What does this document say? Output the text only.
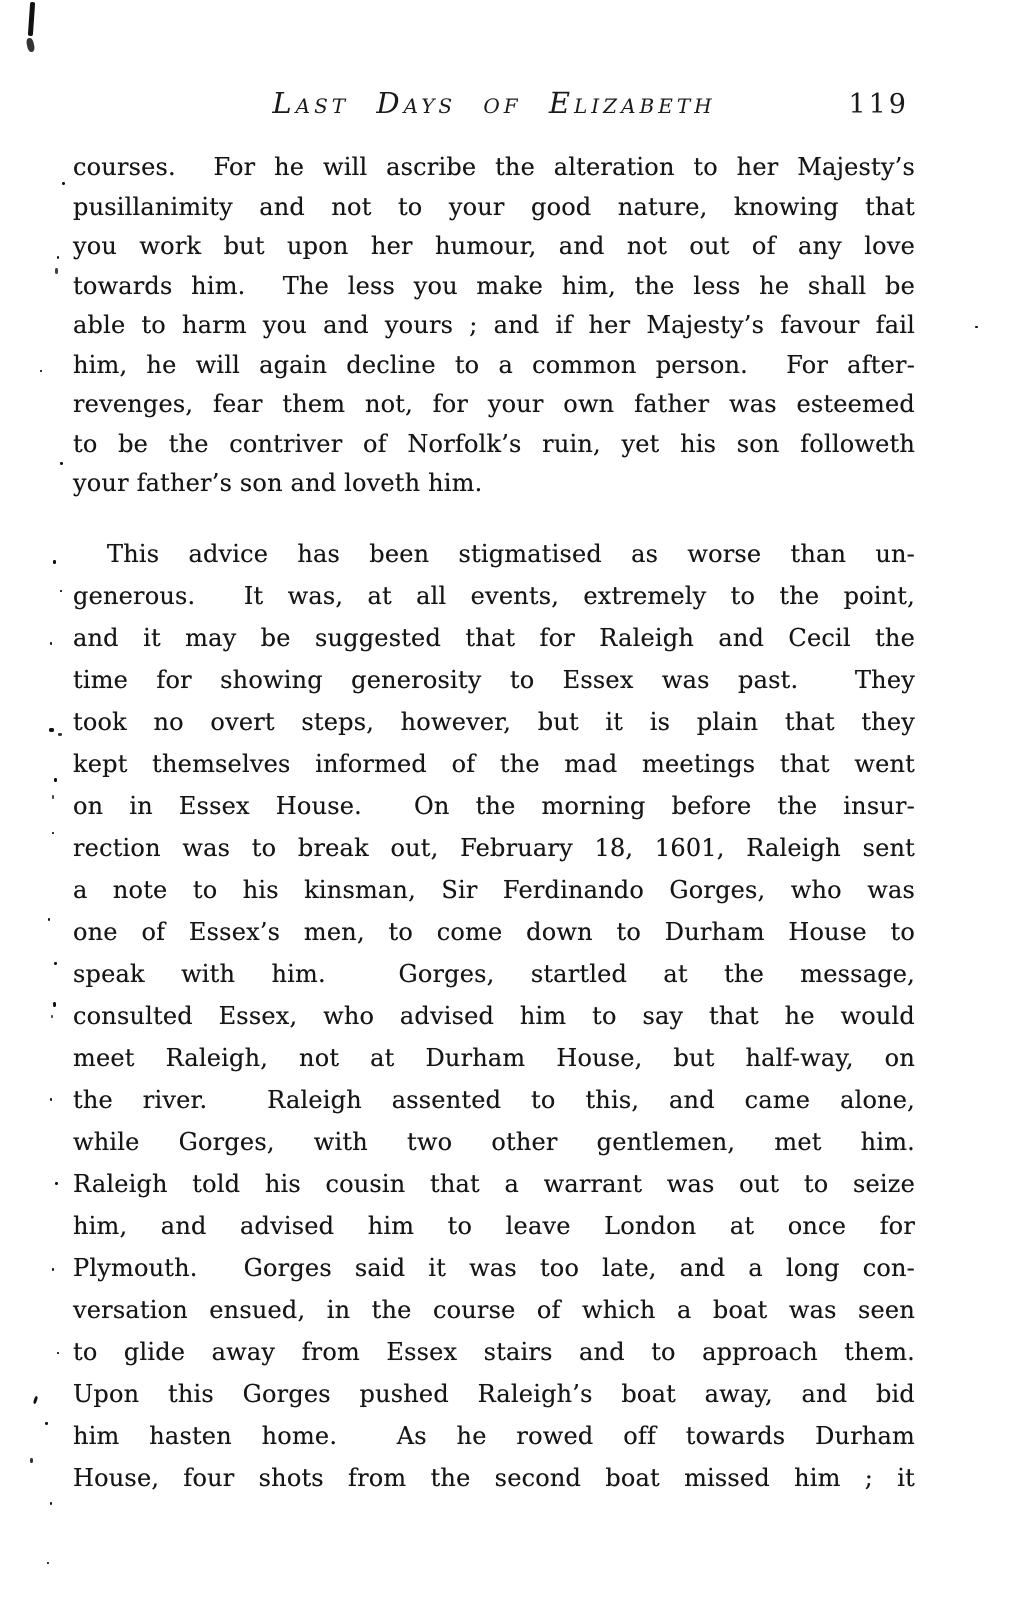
Last Days of Elizabeth	119
courses.  For he will ascribe the alteration to her Majesty’s
pusillanimity and not to your good nature, knowing that
you work but upon her humour, and not out of any love
towards him.  The less you make him, the less he shall be
able to harm you and yours ; and if her Majesty’s favour fail
him, he will again decline to a common person.  For after-
revenges, fear them not, for your own father was esteemed
to be the contriver of Norfolk’s ruin, yet his son followeth
your father’s son and loveth him.
This advice has been stigmatised as worse than un-
generous.  It was, at all events, extremely to the point,
and it may be suggested that for Raleigh and Cecil the
time for showing generosity to Essex was past.  They
took no overt steps, however, but it is plain that they
kept themselves informed of the mad meetings that went
on in Essex House.  On the morning before the insur-
rection was to break out, February 18, 1601, Raleigh sent
a note to his kinsman, Sir Ferdinando Gorges, who was
one of Essex’s men, to come down to Durham House to
speak with him.  Gorges, startled at the message,
consulted Essex, who advised him to say that he would
meet Raleigh, not at Durham House, but half-way, on
the river.  Raleigh assented to this, and came alone,
while Gorges, with two other gentlemen, met him.
Raleigh told his cousin that a warrant was out to seize
him, and advised him to leave London at once for
Plymouth.  Gorges said it was too late, and a long con-
versation ensued, in the course of which a boat was seen
to glide away from Essex stairs and to approach them.
Upon this Gorges pushed Raleigh’s boat away, and bid
him hasten home.  As he rowed off towards Durham
House, four shots from the second boat missed him ; it
